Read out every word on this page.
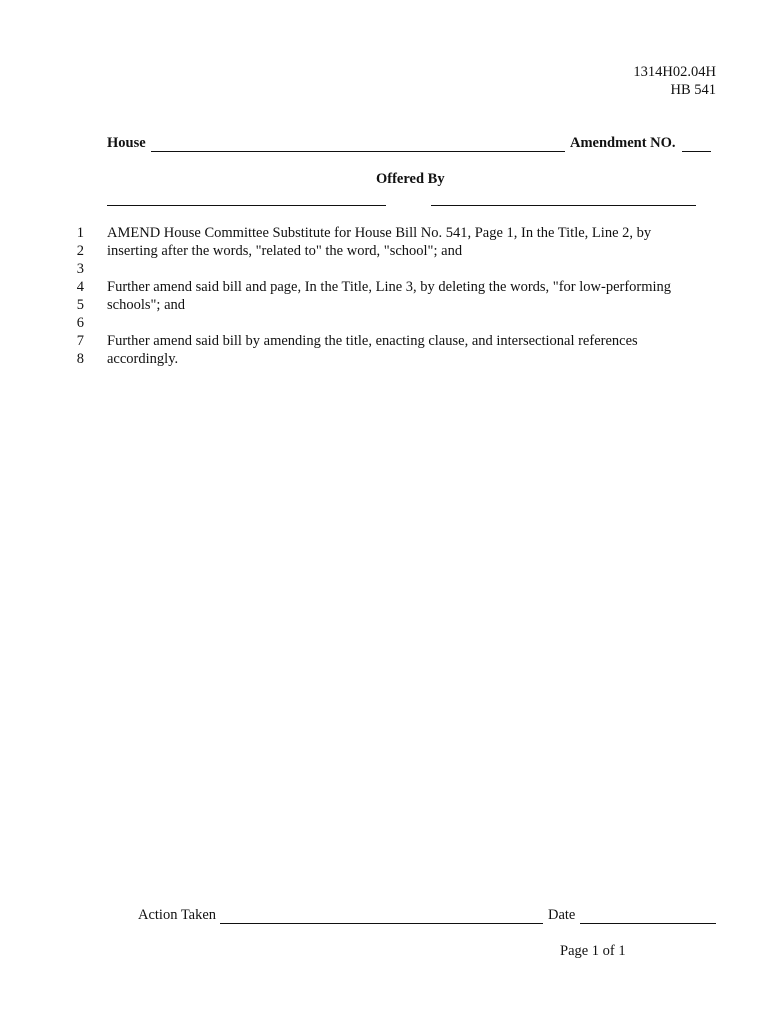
1314H02.04H
HB 541
House	Amendment NO.
Offered By
1 AMEND House Committee Substitute for House Bill No. 541, Page 1, In the Title, Line 2, by
2 inserting after the words, "related to" the word, "school"; and
3
4 Further amend said bill and page, In the Title, Line 3, by deleting the words, "for low-performing
5 schools"; and
6
7 Further amend said bill by amending the title, enacting clause, and intersectional references
8 accordingly.
Action Taken	Date
Page 1 of 1
